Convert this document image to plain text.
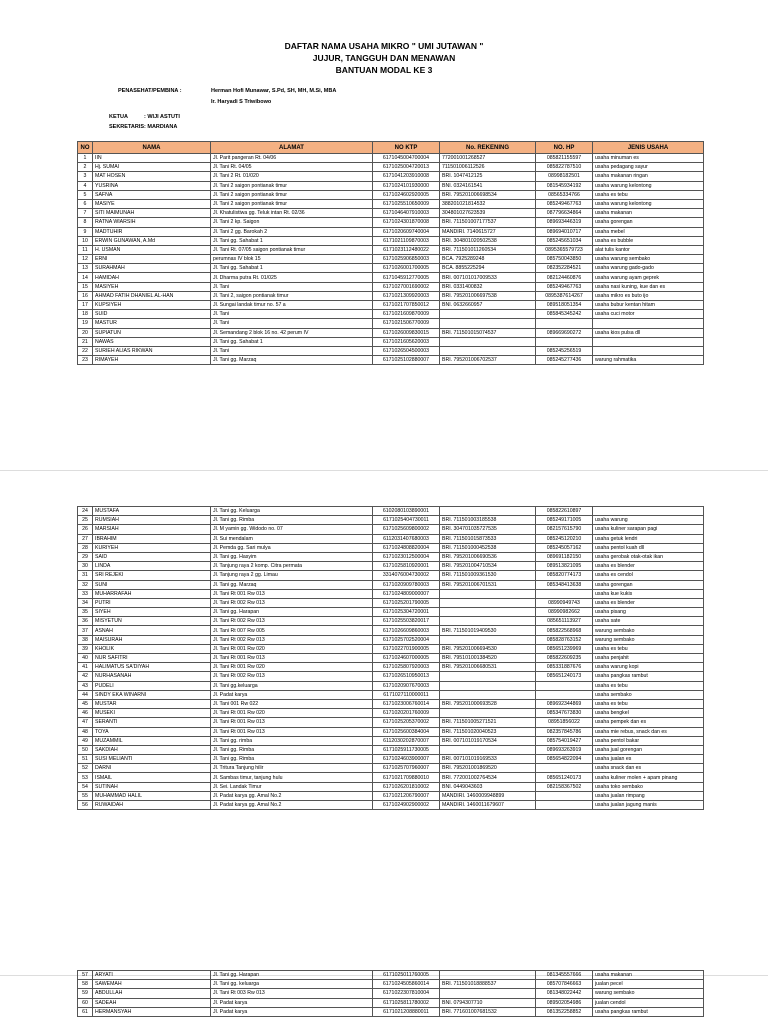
DAFTAR NAMA USAHA MIKRO " UMI JUTAWAN "
JUJUR, TANGGUH DAN MENAWAN
BANTUAN MODAL KE 3
PENASEHAT/PEMBINA :	Herman Hofi Munawar, S.Pd, SH, MH, M.Si, MBA
Ir. Haryadi S Triwibowo
KETUA	: WIJI ASTUTI
SEKRETARIS : MARDIANA
NO	NAMA	ALAMAT	NO KTP	No. REKENING	NO. HP	JENIS USAHA
1	IIN	Jl. Parit pangeran Rt. 04/06	6171045004700004	772001001268527	085821155597	usaha minuman es
2	Hj. SUMAI	Jl. Tani Rt. 04/05	6171025004720013	711501006112526	085822787510	usaha pedagang sayur
3	MAT HOSEN	Jl. Tani 2 Rt. 01/020	6171041203910008	BRI. 1047412125	08998182501	usaha makanan ringan
4	YUSRINA	Jl. Tani 2 saigon pontianak timur	6171024101930000	BNI. 0324161541	081545934192	usaha warung kelontong
5	SAFNA	Jl. Tani 2 saigon pontianak timur	6171024602920005	BRI. 795201006698534	08565334766	usaha es tebu
6	MASIYE	Jl. Tani 2 saigon pontianak timur	6171025510650009	388201021814532	085249467763	usaha warung kelontong
7	SITI MAIMUNAH	Jl. Khatulistiwa gg. Teluk intan Rt. 02/36	6171046407910003	304801027623539	087796634864	usaha makanan
8	RATNA WIARSIH	Jl. Tani 2 kp. Saigon	6171024301870008	BRI. 711501007177537	089693446319	usaha gorengan
9	MADTUHIR	Jl. Tani 2 gg. Barokah 2	6171020609740004	MANDIRI. 7140615727	089694010717	usaha mebel
10	ERWIN GUNAWAN, A.Md	Jl. Tani gg. Sahabat 1	6171021109870003	BRI. 304801020502538	085245651034	usaha es bubble
11	H. USMAN	Jl. Tani Rt. 07/05 saigon pontianak timur	6171023112480022	BRI. 711501011260534	0895365579723	alat tulis kantor
12	ERNI	perumnas IV blok 15	6171025906850003	BCA. 7925289248	085750043850	usaha warung sembako
13	SURAHMAH	Jl. Tani gg. Sahabat 1	6171026001700005	BCA. 8855225294	082352284521	usaha warung gado-gado
14	HAMIDAH	Jl. Dharma putra Rt. 01/025	6171045912770005	BRI. 007101017009533	082124460876	usaha warung ayam geprek
15	MASIYEH	Jl. Tani	6171027001690002	BRI. 0331400832	085249467763	usaha nasi kuning, kue dan es
16	AHMAD FATIH DHANIEL AL-HAN	Jl. Tani 2, saigon pontianak timur	6171021309920003	BRI. 795201006697538	0895387614267	usaha mikro es buto ijo
17	KUPSIYEH	Jl. Sungai landak timur no. 57 a	6171021707850012	BNI. 0632660957	089518051354	usaha bubur kentan hitam
18	SUID	Jl. Tani	6171021609870009		085845345242	usaha cuci motor
19	MASTUR	Jl. Tani	6171021506770009			
20	SUPIATUN	Jl. Semandang 2 blok 16 no. 42 perum IV	6171026009830015	BRI. 711501015074537	089669690272	usaha kios pulsa dll
21	NAWAS	Jl. Tani gg. Sahabat 1	6171021605620003			
22	SURIEH ALIAS RIKWAN	Jl. Tani	6171026504500003		085245256519	
23	RIMAYEH	Jl. Tani gg. Marzaq	6171025102880007	BRI. 795201006702537	085245277436	warung rahmatika
24	MUSTAFA	Jl. Tani gg. Keluarga	6102080103890001		085822610897	
25	RUMSIAH	Jl. Tani gg. Rimba	6171025404730011	BRI. 711501003185538	085249171005	usaha warung
26	MARSIAH	Jl. M yamin gg. Widodo no. 07	6171025609800002	BRI. 304701035727535	082157615790	usaha kuliner sarapan pagi
27	IBRAHIM	Jl. Sui mendalam	6112031407680003	BRI. 711501015873533	085245120210	usaha getuk lendri
28	KURIYEH	Jl. Pemda gg. Sari mulya	6171024808820004	BRI. 711501000452538	085245057162	usaha pentol kuah dll
29	SAID	Jl. Tani gg. Hasyim	6171023012500004	BRI. 795201006690536	089691182150	usaha gerobak otak-otak ikan
30	LINDA	Jl. Tanjung raya 2 komp. Citra permata	6171025810920001	BRI. 795201004710534	089513821095	usaha es blender
31	SRI REJEKI	Jl. Tanjung raya 2 gg. Limau	3314076004730002	BRI. 711501009361530	085820774173	usaha es cendol
32	SUNI	Jl. Tani gg. Marzaq	6171020909780003	BRI. 795201006701531	085348413638	usaha gorengan
33	MUHARRAFAH	Jl. Tani Rt 001 Rw 013	6171024809000007			usaha kue kukis
34	PUTRI	Jl. Tani Rt 002 Rw 013	6171025201790005		08990949743	usaha es blender
35	SIYEH	Jl. Tani gg. Harapan	6171025304720001		08990982662	usaha pisang
36	MISYETUN	Jl. Tani Rt 002 Rw 013	6171025503820017		085651113927	usaha sate
37	ASNAH	Jl. Tani Rt 007 Rw 005	6171026609860003	BRI. 711501019409530	085822568968	warung sembako
38	MAISURAH	Jl. Tani Rt 002 Rw 013	6171025702520004		085828763152	warung sembako
39	KHOLIK	Jl. Tani Rt 001 Rw 020	6171022701900005	BRI. 795201006694530	085651239969	usaha es tebu
40	NUR SAFITRI	Jl. Tani Rt 001 Rw 013	6171024607000005	BRI. 795101001384520	085822609235	usaha penjahit
41	HALIMATUS SA'DIYAH	Jl. Tani Rt 001 Rw 020	6171025807920003	BRI. 795201006680531	085331887676	usaha warung kopi
42	NURHASANAH	Jl. Tani Rt 002 Rw 013	6171026510950013		085651240173	usaha pangkas rambut
43	PUDELI	Jl. Tani gg.keluarga	6171020907670003			usaha es tebu
44	SINDY EKA WINARNI	Jl. Padat karya	6171027110000011			usaha sembako
45	MUSTAR	Jl. Tani 001 Rw 022	6171023006760014	BRI. 795201000693528	089692344869	usaha es tebu
46	MUSEKI	Jl. Tani Rt 001 Rw 020	6171020201760009		085347673830	usaha bengkel
47	SERANTI	Jl. Tani Rt 001 Rw 013	6171025205370002	BRI. 711501005271521	08951856022	usaha pempek dan es
48	TOYA	Jl. Tani Rt 001 Rw 013	6171025600384004	BRI. 711501020040523	082357845786	usaha mie rebus, snack dan es
49	MUZAMMIL	Jl. Tani gg. rimba	6112030202870007	BRI. 007101019170534	085754019427	usaha pentol bakar
50	SAKDIAH	Jl. Tani gg. Rimba	6171025911730005		089693263919	usaha jual gorengan
51	SUSI MELIANTI	Jl. Tani gg. Rimba	6171024603900007	BRI. 007101019169533	085654822094	usaha jualan es
52	DARNI	Jl. Tritura Tanjung hilir	6171025707960007	BRI. 795201001869520		usaha snack dan es
53	ISMAIL	Jl. Sambas timur, tanjung hulu	6171021709880010	BRI. 772001002764534	085651240173	usaha kuliner molen + apam pinang
54	SUTINAH	Jl. Sei. Landak Timur	6171026201810002	BNI. 0449043603	082158367502	usaha toko sembako
55	MUHAMMAD HALIL	Jl. Padat karya gg. Amal No.2	6171021206790007	MANDIRI. 1460009948899		usaha jualan rimpang
56	RUWAIDAH	Jl. Padat karya gg. Amal No.2	6171024902900002	MANDIRI. 1460011679607		usaha jualan jagung manis
57	ARYATI	Jl. Tani gg. Harapan	6171025011760005		081345557666	usaha makanan
58	SAWEMAH	Jl. Tani gg. keluarga	6171024505860014	BRI. 711501018888537	085707846663	jualan pecel
59	ABDULLAH	Jl. Tani Rt 003 Rw 013	6171022307810004		081348022442	warung sembako
60	SADEAH	Jl. Padat karya	6171025811780002	BNI. 0794307710	089502054986	jualan cendol
61	HERMANSYAH	Jl. Padat karya	6171021208880011	BRI. 771601007681532	081352258852	usaha pangkas rambut
